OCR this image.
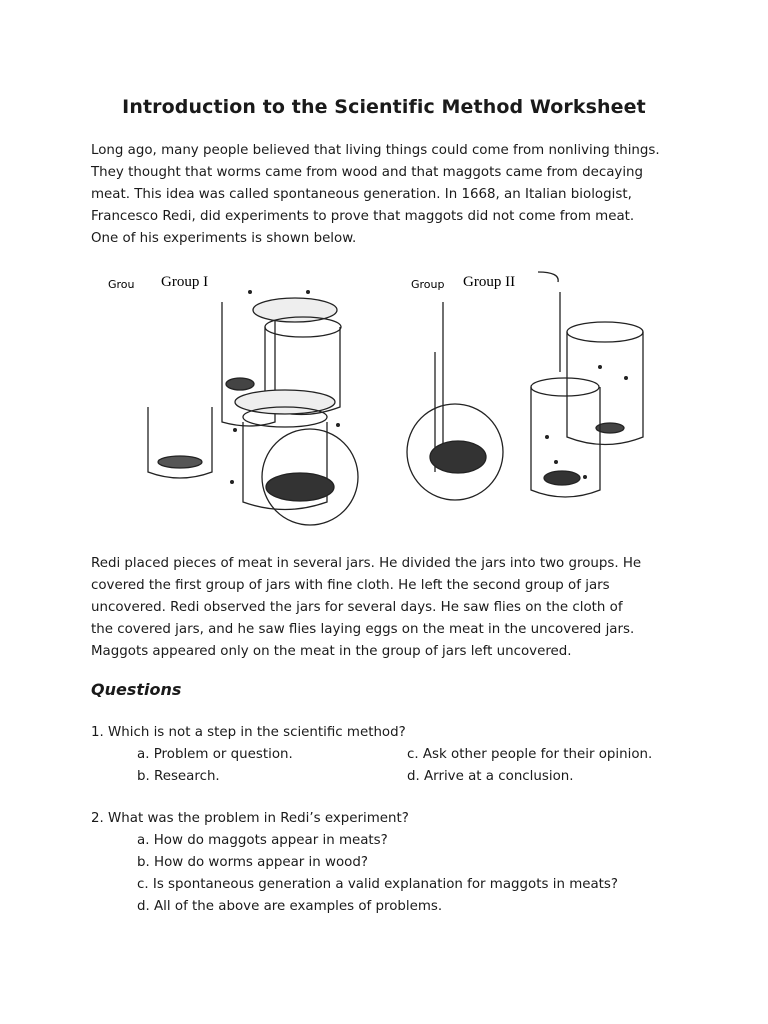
Introduction to the Scientific Method Worksheet
Long ago, many people believed that living things could come from nonliving things.
They thought that worms came from wood and that maggots came from decaying
meat. This idea was called spontaneous generation. In 1668, an Italian biologist,
Francesco Redi, did experiments to prove that maggots did not come from meat.
One of his experiments is shown below.
Grou Group I	Group Group II
Redi placed pieces of meat in several jars. He divided the jars into two groups. He
covered the first group of jars with fine cloth. He left the second group of jars
uncovered. Redi observed the jars for several days. He saw flies on the cloth of
the covered jars, and he saw flies laying eggs on the meat in the uncovered jars.
Maggots appeared only on the meat in the group of jars left uncovered.
Questions
1. Which is not a step in the scientific method?
a. Problem or question.	c. Ask other people for their opinion.
b. Research.	d. Arrive at a conclusion.
2. What was the problem in Redi’s experiment?
a. How do maggots appear in meats?
b. How do worms appear in wood?
c. Is spontaneous generation a valid explanation for maggots in meats?
d. All of the above are examples of problems.
